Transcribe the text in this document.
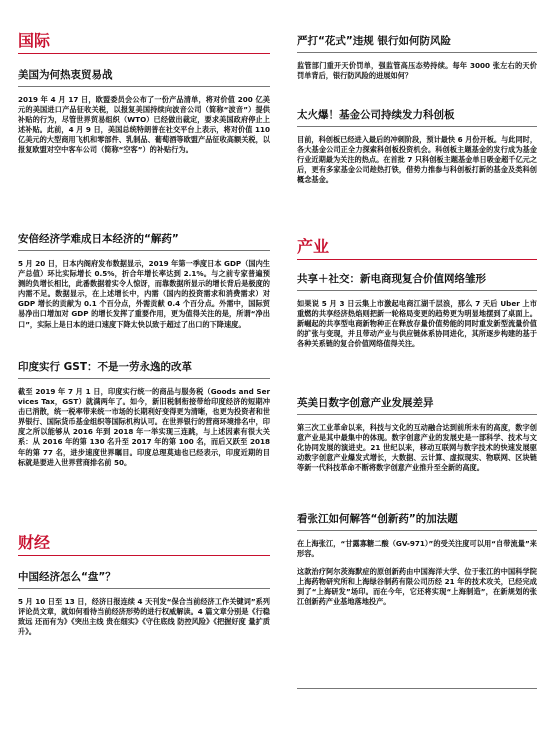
国际
美国为何热衷贸易战
2019 年 4 月 17 日，欧盟委员会公布了一份产品清单，将对价值 200 亿美元的美国进口产品征收关税，以报复美国持续向波音公司（简称“波音”）提供补贴的行为，尽管世界贸易组织（WTO）已经做出裁定，要求美国政府停止上述补贴。此前，4 月 9 日，美国总统特朗普在社交平台上表示，将对价值 110 亿美元的大型商用飞机和零部件、乳制品、葡萄酒等欧盟产品征收高额关税，以报复欧盟对空中客车公司（简称“空客”）的补贴行为。
安倍经济学难成日本经济的“解药”
5 月 20 日，日本内阁府发布数据显示，2019 年第一季度日本 GDP（国内生产总值）环比实际增长 0.5%，折合年增长率达到 2.1%。与之前专家普遍预测的负增长相比，此番数据着实令人惊讶，而靠数据所显示的增长背后是极度的内需不足。数据显示，在上述增长中，内需（国内的投资需求和消费需求）对 GDP 增长的贡献为 0.1 个百分点，外需贡献 0.4 个百分点。外需中，国际贸易净出口增加对 GDP 的增长发挥了重要作用，更为值得关注的是，所谓“净出口”，实际上是日本的进口速度下降太快以致于超过了出口的下降速度。
印度实行 GST：不是一劳永逸的改革
截至 2019 年 7 月 1 日，印度实行统一的商品与服务税（Goods and Services Tax，GST）就满两年了。如今，新旧税制衔接带给印度经济的短期冲击已消散，统一税率带来统一市场的长期利好变得更为清晰，也更为投资者和世界银行、国际货币基金组织等国际机构认可。在世界银行的营商环境排名中，印度之所以能够从 2016 年到 2018 年一举实现三连跳，与上述因素有很大关系：从 2016 年的第 130 名升至 2017 年的第 100 名，而后又跃至 2018 年的第 77 名，进步速度世界瞩目。印度总理莫迪也已经表示，印度近期的目标就是要进入世界营商排名前 50。
财经
中国经济怎么“盘”？
5 月 10 日至 13 日，经济日报连续 4 天刊发“保合当前经济工作关键词”系列评论员文章，就如何看待当前经济形势的进行权威解读。4 篇文章分别是《行稳致远 还而有为》《突出主线 贵在细实》《守住底线 防控风险》《把握好度 量扩质升》。
严打“花式”违规 银行如何防风险
监管部门重开天价罚单，强监管高压态势持续。每年 3000 张左右的天价罚单背后，银行防风险的进展如何？
太火爆！基金公司持续发力科创板
目前，科创板已经进入最后的冲刺阶段，预计最快 6 月份开板。与此同时，各大基金公司正全力探索科创板投资机会。科创板主题基金的发行成为基金行业近期最为关注的热点。在首批 7 只科创板主题基金单日吸金超千亿元之后，更有多家基金公司趁热打铁，借势力推参与科创板打新的基金及类科创概念基金。
产业
共享＋社交：新电商现复合价值网络雏形
如果说 5 月 3 日云集上市激起电商江湖千层浪，那么 7 天后 Uber 上市重燃的共享经济热焰则把新一轮格局变更的趋势更为明显地摆到了桌面上。新崛起的共享型电商新物种正在释放存量价值势能的同时重发新型流量价值的扩张与变现，并且带动产业与供应链体系协同进化，其所逐步构建的基于各种关系链的复合价值网络值得关注。
英美日数字创意产业发展差异
第三次工业革命以来，科技与文化的互动融合达到前所未有的高度，数字创意产业是其中最集中的体现。数字创意产业的发展史是一部科学、技术与文化协同发展的演进史。21 世纪以来，移动互联网与数字技术的快速发展驱动数字创意产业爆发式增长，大数据、云计算、虚拟现实、物联网、区块链等新一代科技革命不断将数字创意产业推升至全新的高度。
看张江如何解答“创新药”的加法题
在上海张江，“甘露寡糖二酸（GV-971）”的受关注度可以用“自带流量”来形容。
这款治疗阿尔茨海默症的原创新药由中国海洋大学、位于张江的中国科学院上海药物研究所和上海绿谷制药有限公司历经 21 年的技术攻关，已经完成到了“上海研发”场印。而在今年，它还将实现“上海制造”，在新规划的张江创新药产业基地落地投产。
